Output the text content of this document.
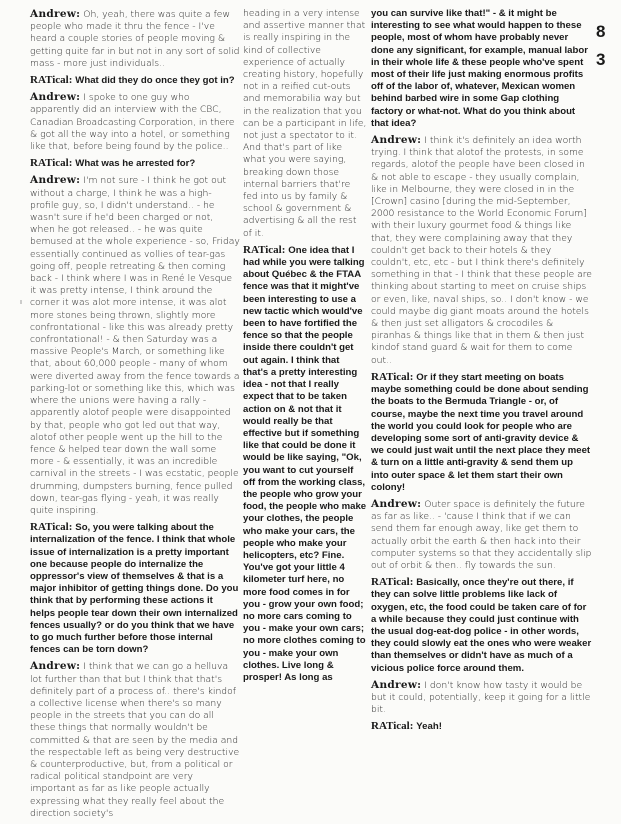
Andrew: Oh, yeah, there was quite a few people who made it thru the fence - I've heard a couple stories of people moving & getting quite far in but not in any sort of solid mass - more just individuals..

RATical: What did they do once they got in?

Andrew: I spoke to one guy who apparently did an interview with the CBC, Canadian Broadcasting Corporation, in there & got all the way into a hotel, or something like that, before being found by the police..

RATical: What was he arrested for?

Andrew: I'm not sure - I think he got out without a charge, I think he was a high-profile guy, so, I didn't understand.. - he wasn't sure if he'd been charged or not, when he got released.. - he was quite bemused at the whole experience - so, Friday essentially continued as vollies of tear-gas going off, people retreating & then coming back - I think where I was in René le Vesque it was pretty intense, I think around the corner it was alot more intense, it was alot more stones being thrown, slightly more confrontational - like this was already pretty confrontational! - & then Saturday was a massive People's March, or something like that, about 60,000 people - many of whom were diverted away from the fence towards a parking-lot or something like this, which was where the unions were having a rally - apparently alotof people were disappointed by that, people who got led out that way, alotof other people went up the hill to the fence & helped tear down the wall some more - & essentially, it was an incredible carnival in the streets - I was ecstatic, people drumming, dumpsters burning, fence pulled down, tear-gas flying - yeah, it was really quite inspiring.

RATical: So, you were talking about the internalization of the fence. I think that whole issue of internalization is a pretty important one because people do internalize the oppressor's view of themselves & that is a major inhibitor of getting things done. Do you think that by performing these actions it helps people tear down their own internalized fences usually? or do you think that we have to go much further before those internal fences can be torn down?

Andrew: I think that we can go a helluva lot further than that but I think that that's definitely part of a process of.. there's kindof a collective license when there's so many people in the streets that you can do all these things that normally wouldn't be committed & that are seen by the media and the respectable left as being very destructive & counterproductive, but, from a political or radical political standpoint are very important as far as like people actually expressing what they really feel about the direction society's

heading in a very intense and assertive manner that is really inspiring in the kind of collective experience of actually creating history, hopefully not in a reified cut-outs and memorabilia way but in the realization that you can be a participant in life, not just a spectator to it. And that's part of like what you were saying, breaking down those internal barriers that're fed into us by family & school & government & advertising & all the rest of it.

RATical: One idea that I had while you were talking about Québec & the FTAA fence was that it might've been interesting to use a new tactic which would've been to have fortified the fence so that the people inside there couldn't get out again. I think that that's a pretty interesting idea - not that I really expect that to be taken action on & not that it would really be that effective but if something like that could be done it would be like saying, "Ok, you want to cut yourself off from the working class, the people who grow your food, the people who make your clothes, the people who make your cars, the people who make your helicopters, etc? Fine. You've got your little 4 kilometer turf here, no more food comes in for you - grow your own food; no more cars coming to you - make your own cars; no more clothes coming to you - make your own clothes. Live long & prosper! As long as

you can survive like that!" - & it might be interesting to see what would happen to these people, most of whom have probably never done any significant, for example, manual labor in their whole life & these people who've spent most of their life just making enormous profits off of the labor of, whatever, Mexican women behind barbed wire in some Gap clothing factory or what-not. What do you think about that idea?

Andrew: I think it's definitely an idea worth trying. I think that alotof the protests, in some regards, alotof the people have been closed in & not able to escape - they usually complain, like in Melbourne, they were closed in in the [Crown] casino [during the mid-September, 2000 resistance to the World Economic Forum] with their luxury gourmet food & things like that, they were complaining away that they couldn't get back to their hotels & they couldn't, etc, etc - but I think there's definitely something in that - I think that these people are thinking about starting to meet on cruise ships or even, like, naval ships, so.. I don't know - we could maybe dig giant moats around the hotels & then just set alligators & crocodiles & piranhas & things like that in them & then just kindof stand guard & wait for them to come out..

RATical: Or if they start meeting on boats maybe something could be done about sending the boats to the Bermuda Triangle - or, of course, maybe the next time you travel around the world you could look for people who are developing some sort of anti-gravity device & we could just wait until the next place they meet & turn on a little anti-gravity & send them up into outer space & let them start their own colony!

Andrew: Outer space is definitely the future as far as like.. - 'cause I think that if we can send them far enough away, like get them to actually orbit the earth & then hack into their computer systems so that they accidentally slip out of orbit & then.. fly towards the sun.

RATical: Basically, once they're out there, if they can solve little problems like lack of oxygen, etc, the food could be taken care of for a while because they could just continue with the usual dog-eat-dog police - in other words, they could slowly eat the ones who were weaker than themselves or didn't have as much of a vicious police force around them.

Andrew: I don't know how tasty it would be but it could, potentially, keep it going for a little bit.

RATical: Yeah!

8
3
